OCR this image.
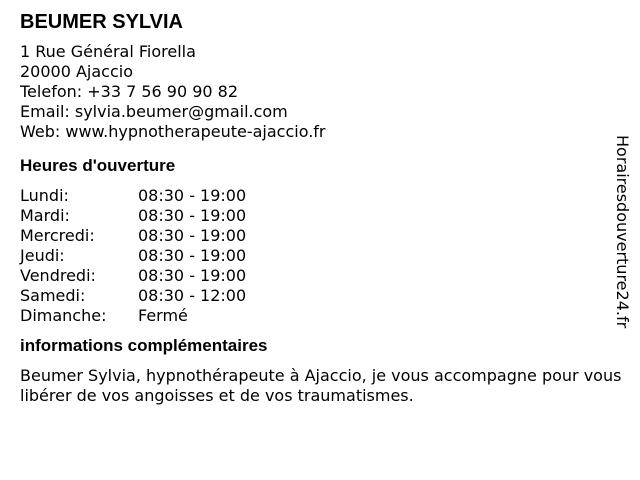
BEUMER SYLVIA
1 Rue Général Fiorella
20000 Ajaccio
Telefon: +33 7 56 90 90 82
Email: sylvia.beumer@gmail.com
Web: www.hypnotherapeute-ajaccio.fr
Heures d'ouverture
Lundi:	08:30 - 19:00
Mardi:	08:30 - 19:00
Mercredi:	08:30 - 19:00
Jeudi:	08:30 - 19:00
Vendredi:	08:30 - 19:00
Samedi:	08:30 - 12:00
Dimanche:	Fermé
informations complémentaires
Beumer Sylvia, hypnothérapeute à Ajaccio, je vous accompagne pour vous libérer de vos angoisses et de vos traumatismes.
Horairesdouverture24.fr
